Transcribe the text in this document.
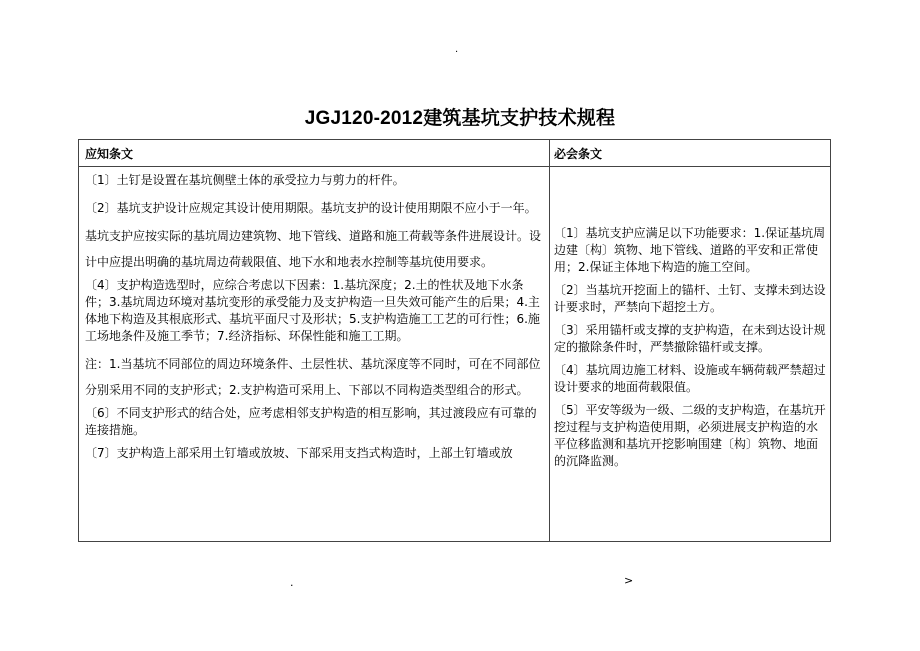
.
JGJ120-2012建筑基坑支护技术规程
应知条文	必会条文

〔1〕土钉是设置在基坑侧壁土体的承受拉力与剪力的杆件。

〔2〕基坑支护设计应规定其设计使用期限。基坑支护的设计使用期限不应小于一年。

基坑支护应按实际的基坑周边建筑物、地下管线、道路和施工荷载等条件进展设计。设计中应提出明确的基坑周边荷载限值、地下水和地表水控制等基坑使用要求。

〔4〕支护构造选型时，应综合考虑以下因素：1.基坑深度；2.土的性状及地下水条件；3.基坑周边环境对基坑变形的承受能力及支护构造一旦失效可能产生的后果；4.主体地下构造及其根底形式、基坑平面尺寸及形状；5.支护构造施工工艺的可行性；6.施工场地条件及施工季节；7.经济指标、环保性能和施工工期。

注：1.当基坑不同部位的周边环境条件、土层性状、基坑深度等不同时，可在不同部位分别采用不同的支护形式；2.支护构造可采用上、下部以不同构造类型组合的形式。

〔6〕不同支护形式的结合处，应考虑相邻支护构造的相互影响，其过渡段应有可靠的连接措施。

〔7〕支护构造上部采用土钉墙或放坡、下部采用支挡式构造时，上部土钉墙或放

〔1〕基坑支护应满足以下功能要求：1.保证基坑周边建〔构〕筑物、地下管线、道路的平安和正常使用；2.保证主体地下构造的施工空间。

〔2〕当基坑开挖面上的锚杆、土钉、支撑未到达设计要求时，严禁向下超挖土方。

〔3〕采用锚杆或支撑的支护构造，在未到达设计规定的撤除条件时，严禁撤除锚杆或支撑。

〔4〕基坑周边施工材料、设施或车辆荷载严禁超过设计要求的地面荷载限值。

〔5〕平安等级为一级、二级的支护构造，在基坑开挖过程与支护构造使用期，必须进展支护构造的水平位移监测和基坑开挖影响围建〔构〕筑物、地面的沉降监测。

.	>
